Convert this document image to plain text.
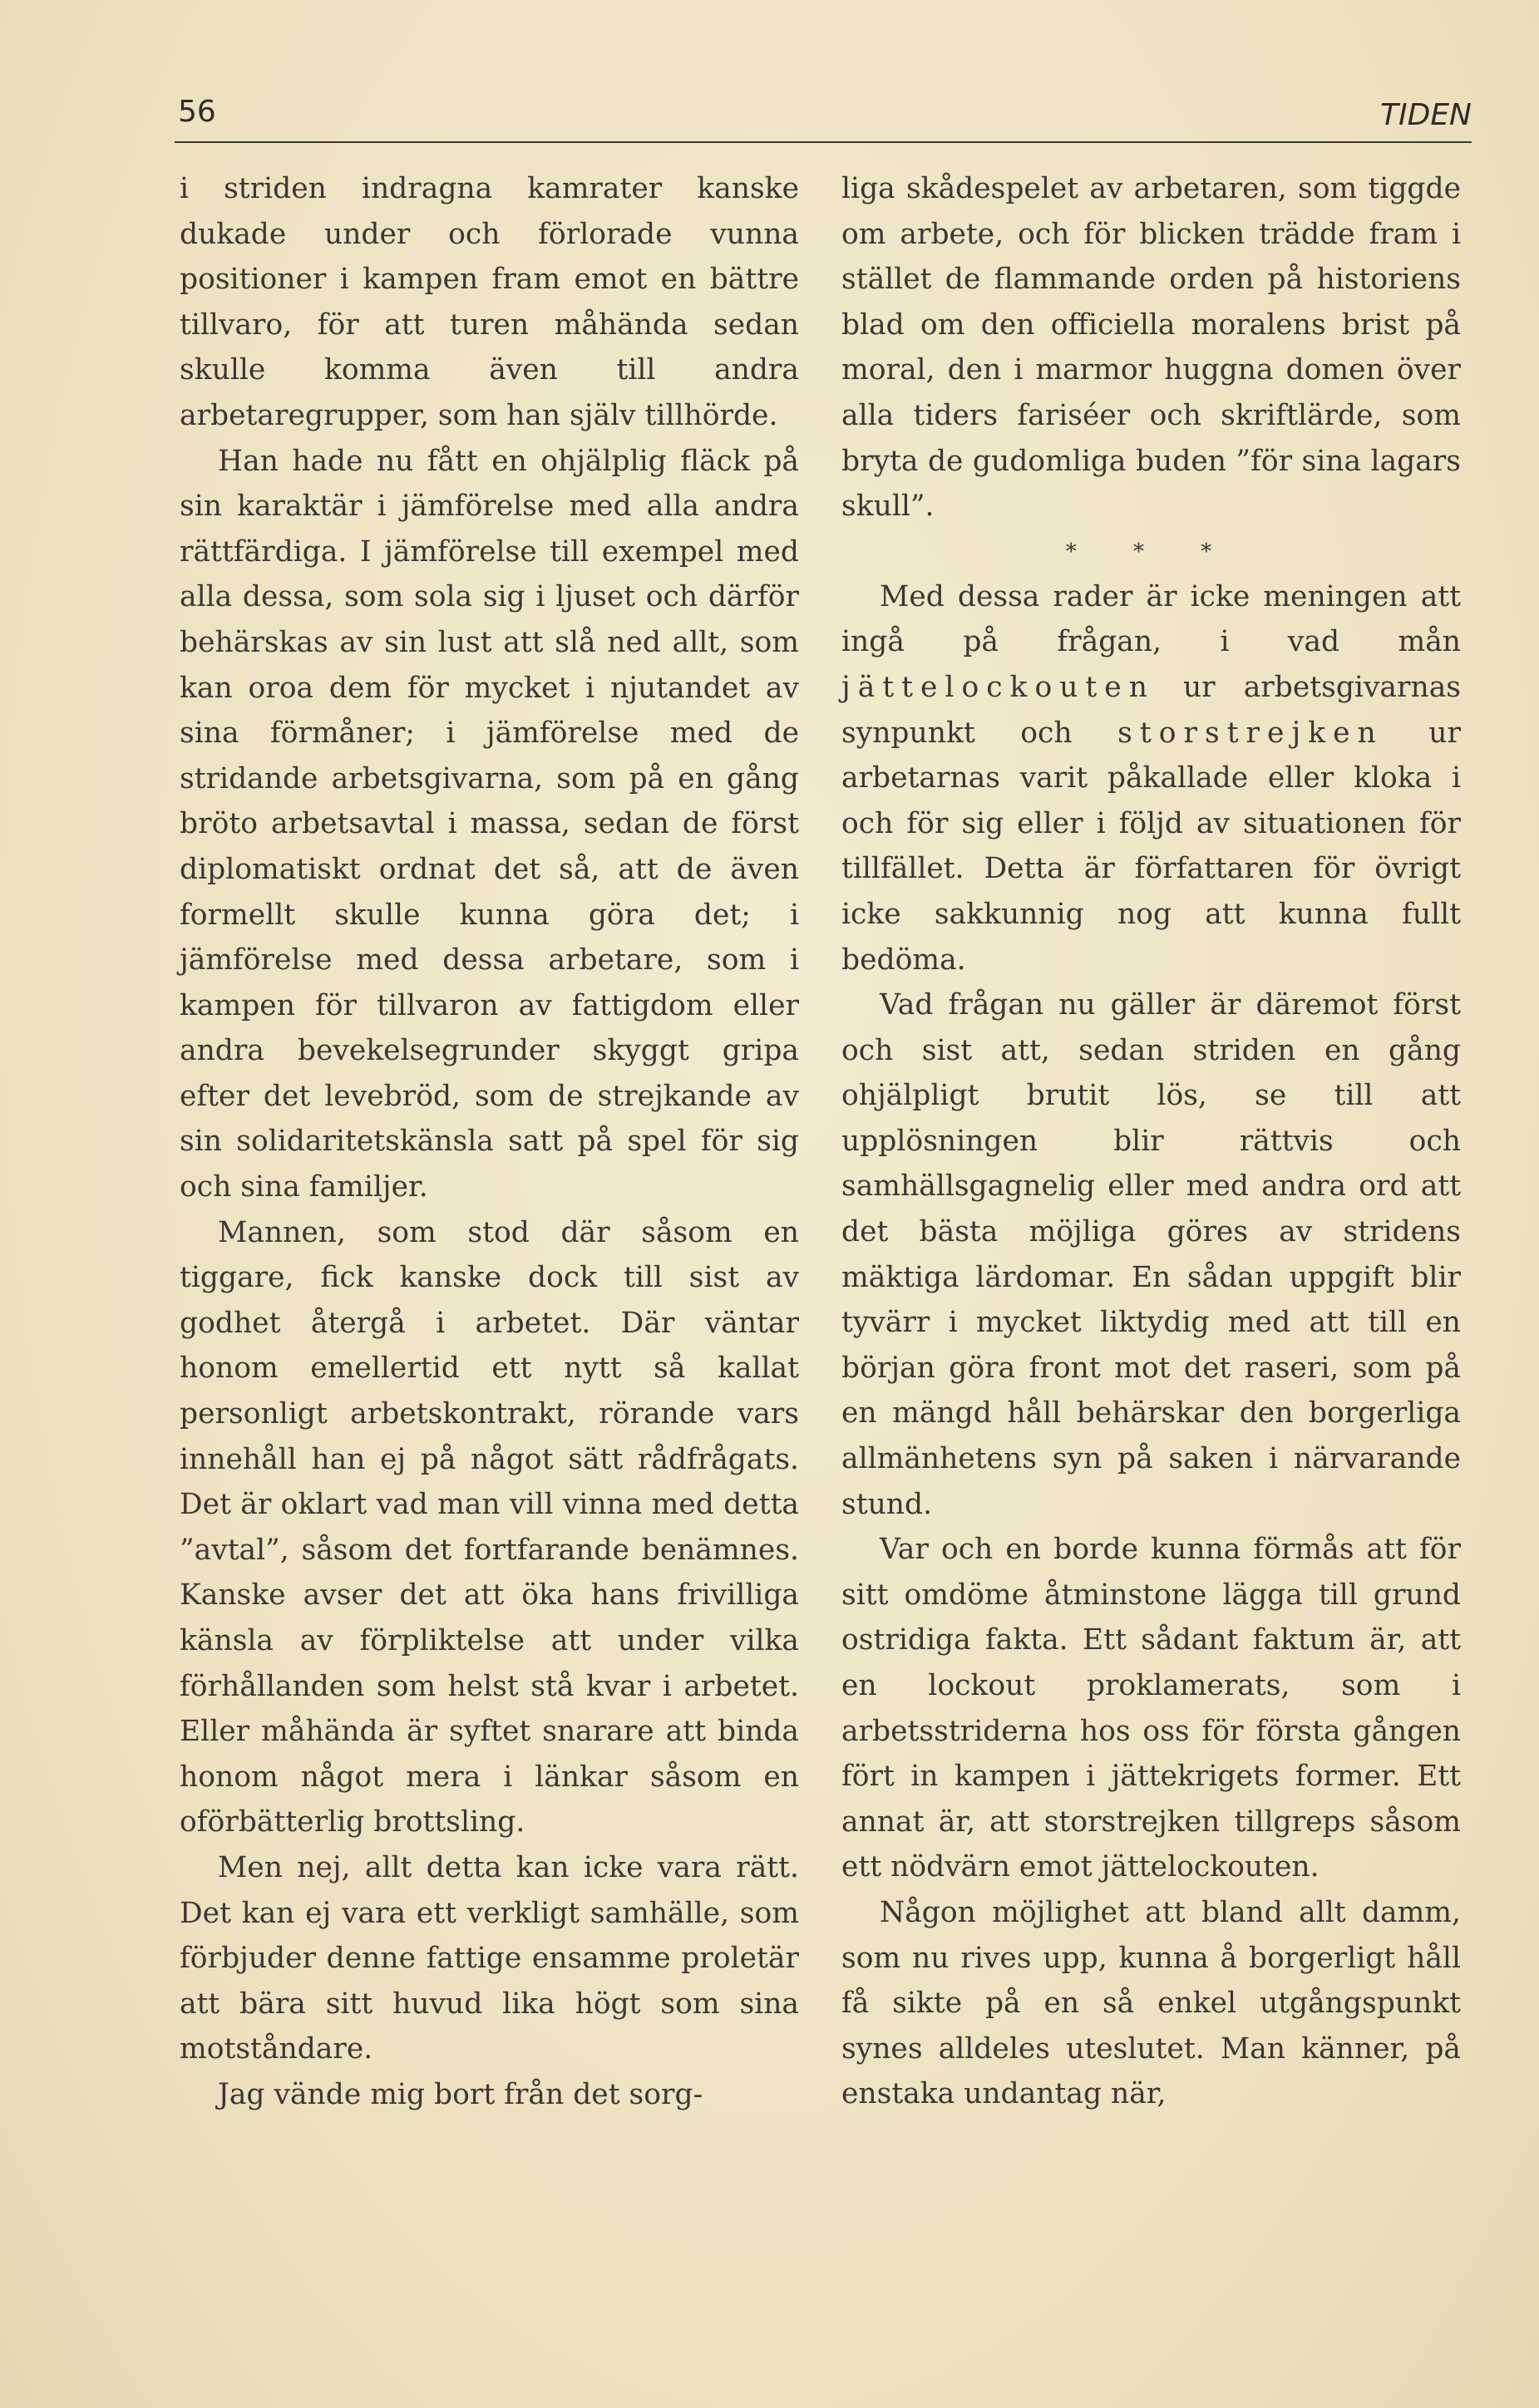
56	TIDEN

i striden indragna kamrater kanske dukade under och förlorade vunna positioner i kampen fram emot en bättre tillvaro, för att turen måhända sedan skulle komma även till andra arbetaregrupper, som han själv tillhörde.

Han hade nu fått en ohjälplig fläck på sin karaktär i jämförelse med alla andra rättfärdiga. I jämförelse till exempel med alla dessa, som sola sig i ljuset och därför behärskas av sin lust att slå ned allt, som kan oroa dem för mycket i njutandet av sina förmåner; i jämförelse med de stridande arbetsgivarna, som på en gång bröto arbetsavtal i massa, sedan de först diplomatiskt ordnat det så, att de även formellt skulle kunna göra det; i jämförelse med dessa arbetare, som i kampen för tillvaron av fattigdom eller andra bevekelsegrunder skyggt gripa efter det levebröd, som de strejkande av sin solidaritetskänsla satt på spel för sig och sina familjer.

Mannen, som stod där såsom en tiggare, fick kanske dock till sist av godhet återgå i arbetet. Där väntar honom emellertid ett nytt så kallat personligt arbetskontrakt, rörande vars innehåll han ej på något sätt rådfrågats. Det är oklart vad man vill vinna med detta ”avtal”, såsom det fortfarande benämnes. Kanske avser det att öka hans frivilliga känsla av förpliktelse att under vilka förhållanden som helst stå kvar i arbetet. Eller måhända är syftet snarare att binda honom något mera i länkar såsom en oförbätterlig brottsling.

Men nej, allt detta kan icke vara rätt. Det kan ej vara ett verkligt samhälle, som förbjuder denne fattige ensamme proletär att bära sitt huvud lika högt som sina motståndare.

Jag vände mig bort från det sorg-

liga skådespelet av arbetaren, som tiggde om arbete, och för blicken trädde fram i stället de flammande orden på historiens blad om den officiella moralens brist på moral, den i marmor huggna domen över alla tiders fariséer och skriftlärde, som bryta de gudomliga buden ”för sina lagars skull”.

* * *

Med dessa rader är icke meningen att ingå på frågan, i vad mån jättelockouten ur arbetsgivarnas synpunkt och storstrejken ur arbetarnas varit påkallade eller kloka i och för sig eller i följd av situationen för tillfället. Detta är författaren för övrigt icke sakkunnig nog att kunna fullt bedöma.

Vad frågan nu gäller är däremot först och sist att, sedan striden en gång ohjälpligt brutit lös, se till att upplösningen blir rättvis och samhällsgagnelig eller med andra ord att det bästa möjliga göres av stridens mäktiga lärdomar. En sådan uppgift blir tyvärr i mycket liktydig med att till en början göra front mot det raseri, som på en mängd håll behärskar den borgerliga allmänhetens syn på saken i närvarande stund.

Var och en borde kunna förmås att för sitt omdöme åtminstone lägga till grund ostridiga fakta. Ett sådant faktum är, att en lockout proklamerats, som i arbetsstriderna hos oss för första gången fört in kampen i jättekrigets former. Ett annat är, att storstrejken tillgreps såsom ett nödvärn emot jättelockouten.

Någon möjlighet att bland allt damm, som nu rives upp, kunna å borgerligt håll få sikte på en så enkel utgångspunkt synes alldeles uteslutet. Man känner, på enstaka undantag när,
